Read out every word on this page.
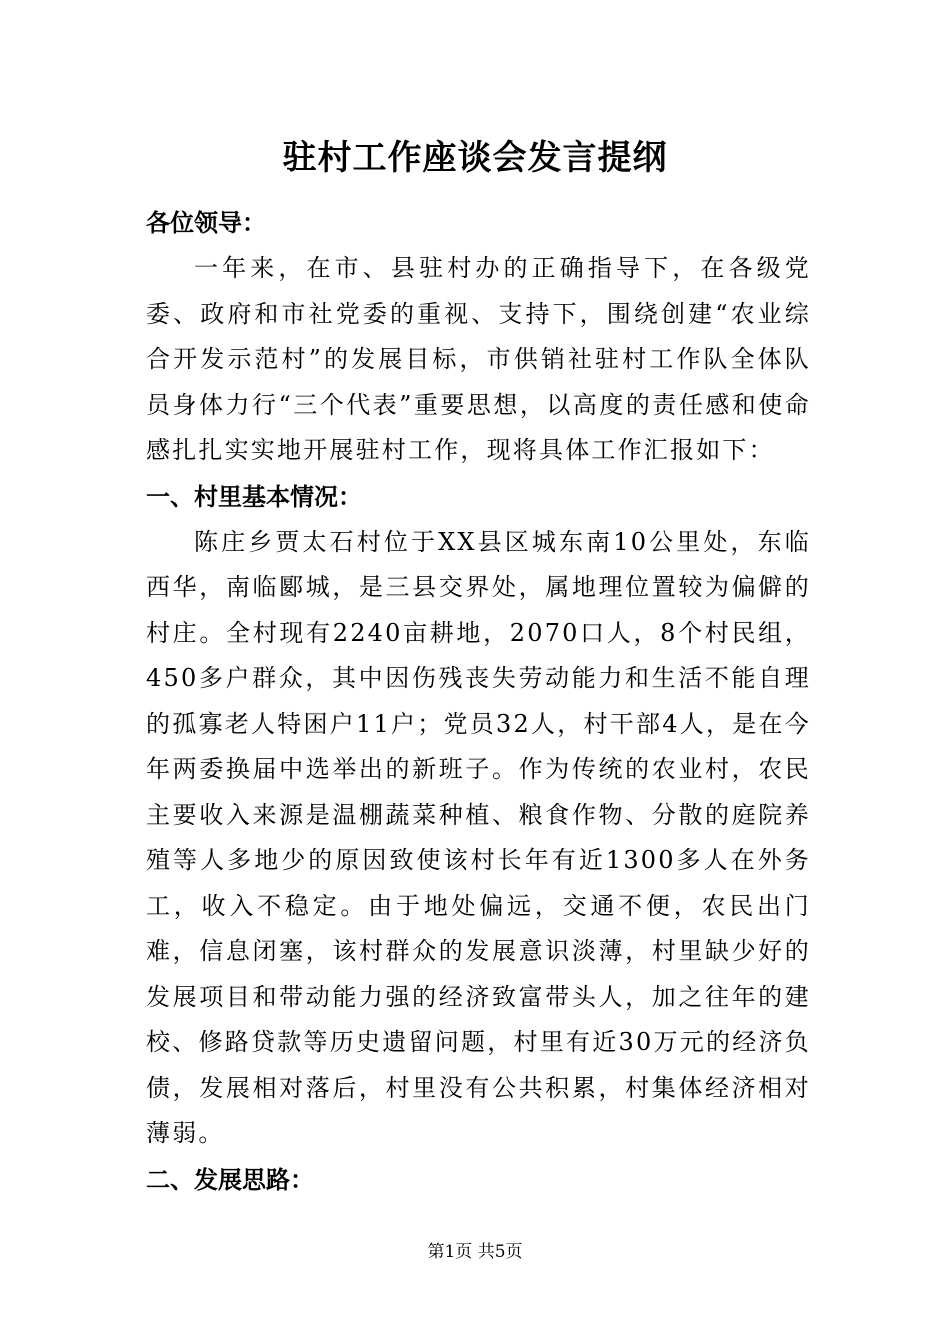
驻村工作座谈会发言提纲

各位领导：

一年来，在市、县驻村办的正确指导下，在各级党委、政府和市社党委的重视、支持下，围绕创建“农业综合开发示范村”的发展目标，市供销社驻村工作队全体队员身体力行“三个代表”重要思想，以高度的责任感和使命感扎扎实实地开展驻村工作，现将具体工作汇报如下：

一、村里基本情况：

陈庄乡贾太石村位于XX县区城东南10公里处，东临西华，南临郾城，是三县交界处，属地理位置较为偏僻的村庄。全村现有2240亩耕地，2070口人，8个村民组，450多户群众，其中因伤残丧失劳动能力和生活不能自理的孤寡老人特困户11户；党员32人，村干部4人，是在今年两委换届中选举出的新班子。作为传统的农业村，农民主要收入来源是温棚蔬菜种植、粮食作物、分散的庭院养殖等人多地少的原因致使该村长年有近1300多人在外务工，收入不稳定。由于地处偏远，交通不便，农民出门难，信息闭塞，该村群众的发展意识淡薄，村里缺少好的发展项目和带动能力强的经济致富带头人，加之往年的建校、修路贷款等历史遗留问题，村里有近30万元的经济负债，发展相对落后，村里没有公共积累，村集体经济相对薄弱。

二、发展思路：

第1页 共5页
